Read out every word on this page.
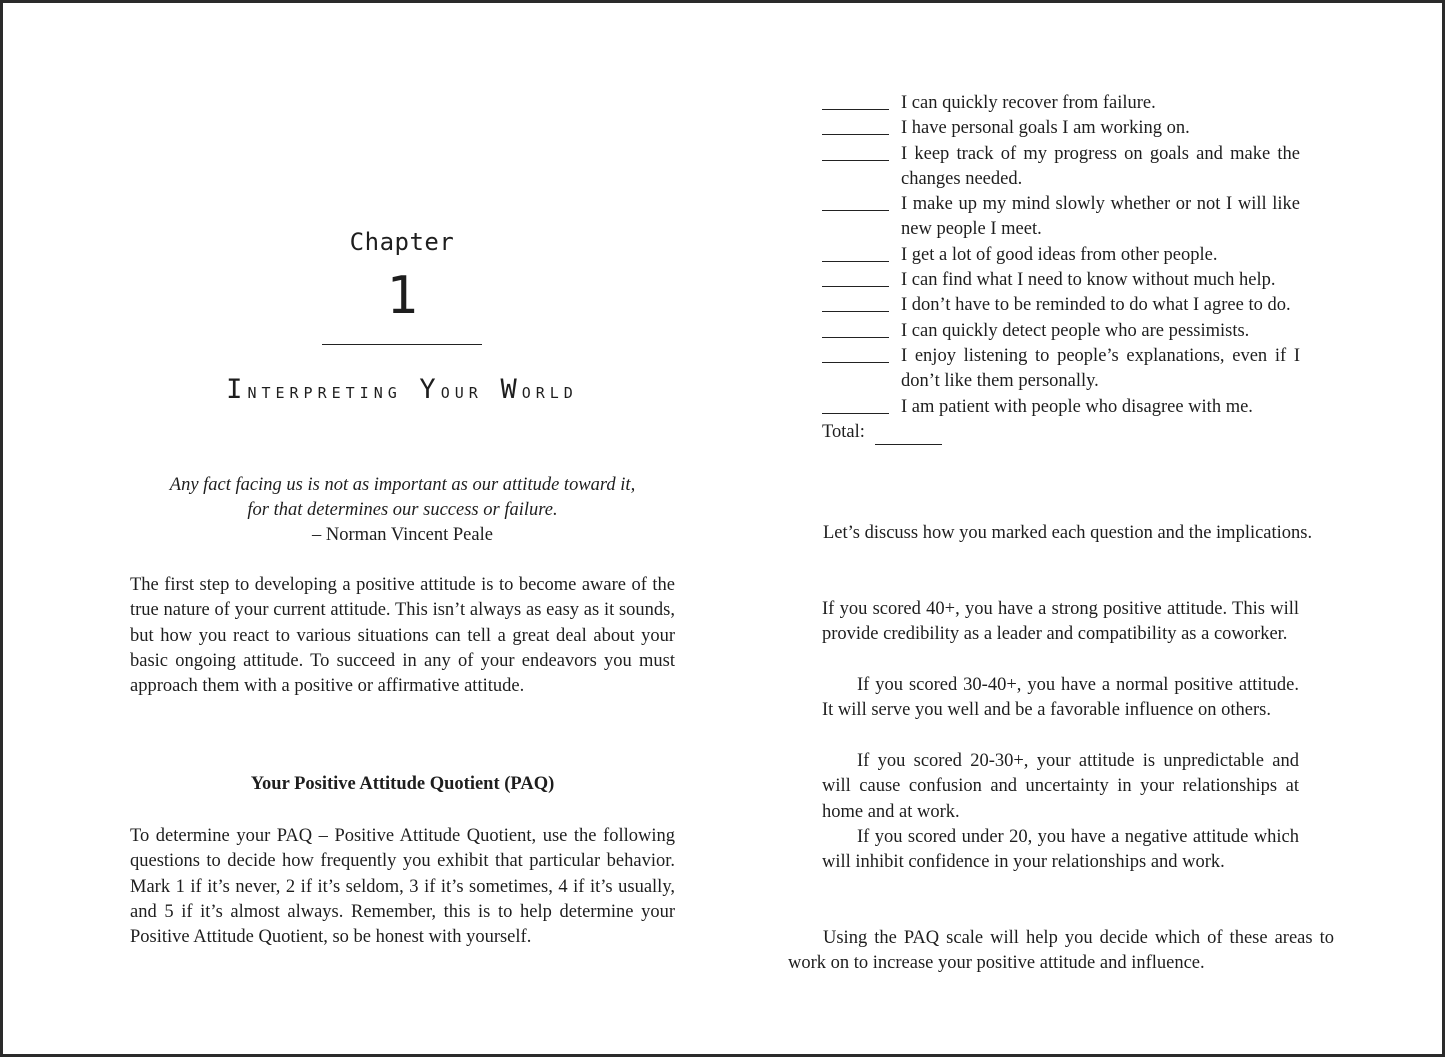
Chapter
1
Interpreting Your World
Any fact facing us is not as important as our attitude toward it,
for that determines our success or failure.
– Norman Vincent Peale
The first step to developing a positive attitude is to become aware of the true nature of your current attitude. This isn’t always as easy as it sounds, but how you react to various situations can tell a great deal about your basic ongoing attitude. To succeed in any of your endeavors you must approach them with a positive or affirmative attitude.
Your Positive Attitude Quotient (PAQ)
To determine your PAQ – Positive Attitude Quotient, use the following questions to decide how frequently you exhibit that particular behavior. Mark 1 if it’s never, 2 if it’s seldom, 3 if it’s sometimes, 4 if it’s usually, and 5 if it’s almost always. Remember, this is to help determine your Positive Attitude Quotient, so be honest with yourself.
I can quickly recover from failure.
I have personal goals I am working on.
I keep track of my progress on goals and make the changes needed.
I make up my mind slowly whether or not I will like new people I meet.
I get a lot of good ideas from other people.
I can find what I need to know without much help.
I don’t have to be reminded to do what I agree to do.
I can quickly detect people who are pessimists.
I enjoy listening to people’s explanations, even if I don’t like them personally.
I am patient with people who disagree with me.
Total:
Let’s discuss how you marked each question and the implications.
If you scored 40+, you have a strong positive attitude. This will provide credibility as a leader and compatibility as a coworker.
If you scored 30-40+, you have a normal positive attitude. It will serve you well and be a favorable influence on others.
If you scored 20-30+, your attitude is unpredictable and will cause confusion and uncertainty in your relationships at home and at work.
If you scored under 20, you have a negative attitude which will inhibit confidence in your relationships and work.
Using the PAQ scale will help you decide which of these areas to work on to increase your positive attitude and influence.
